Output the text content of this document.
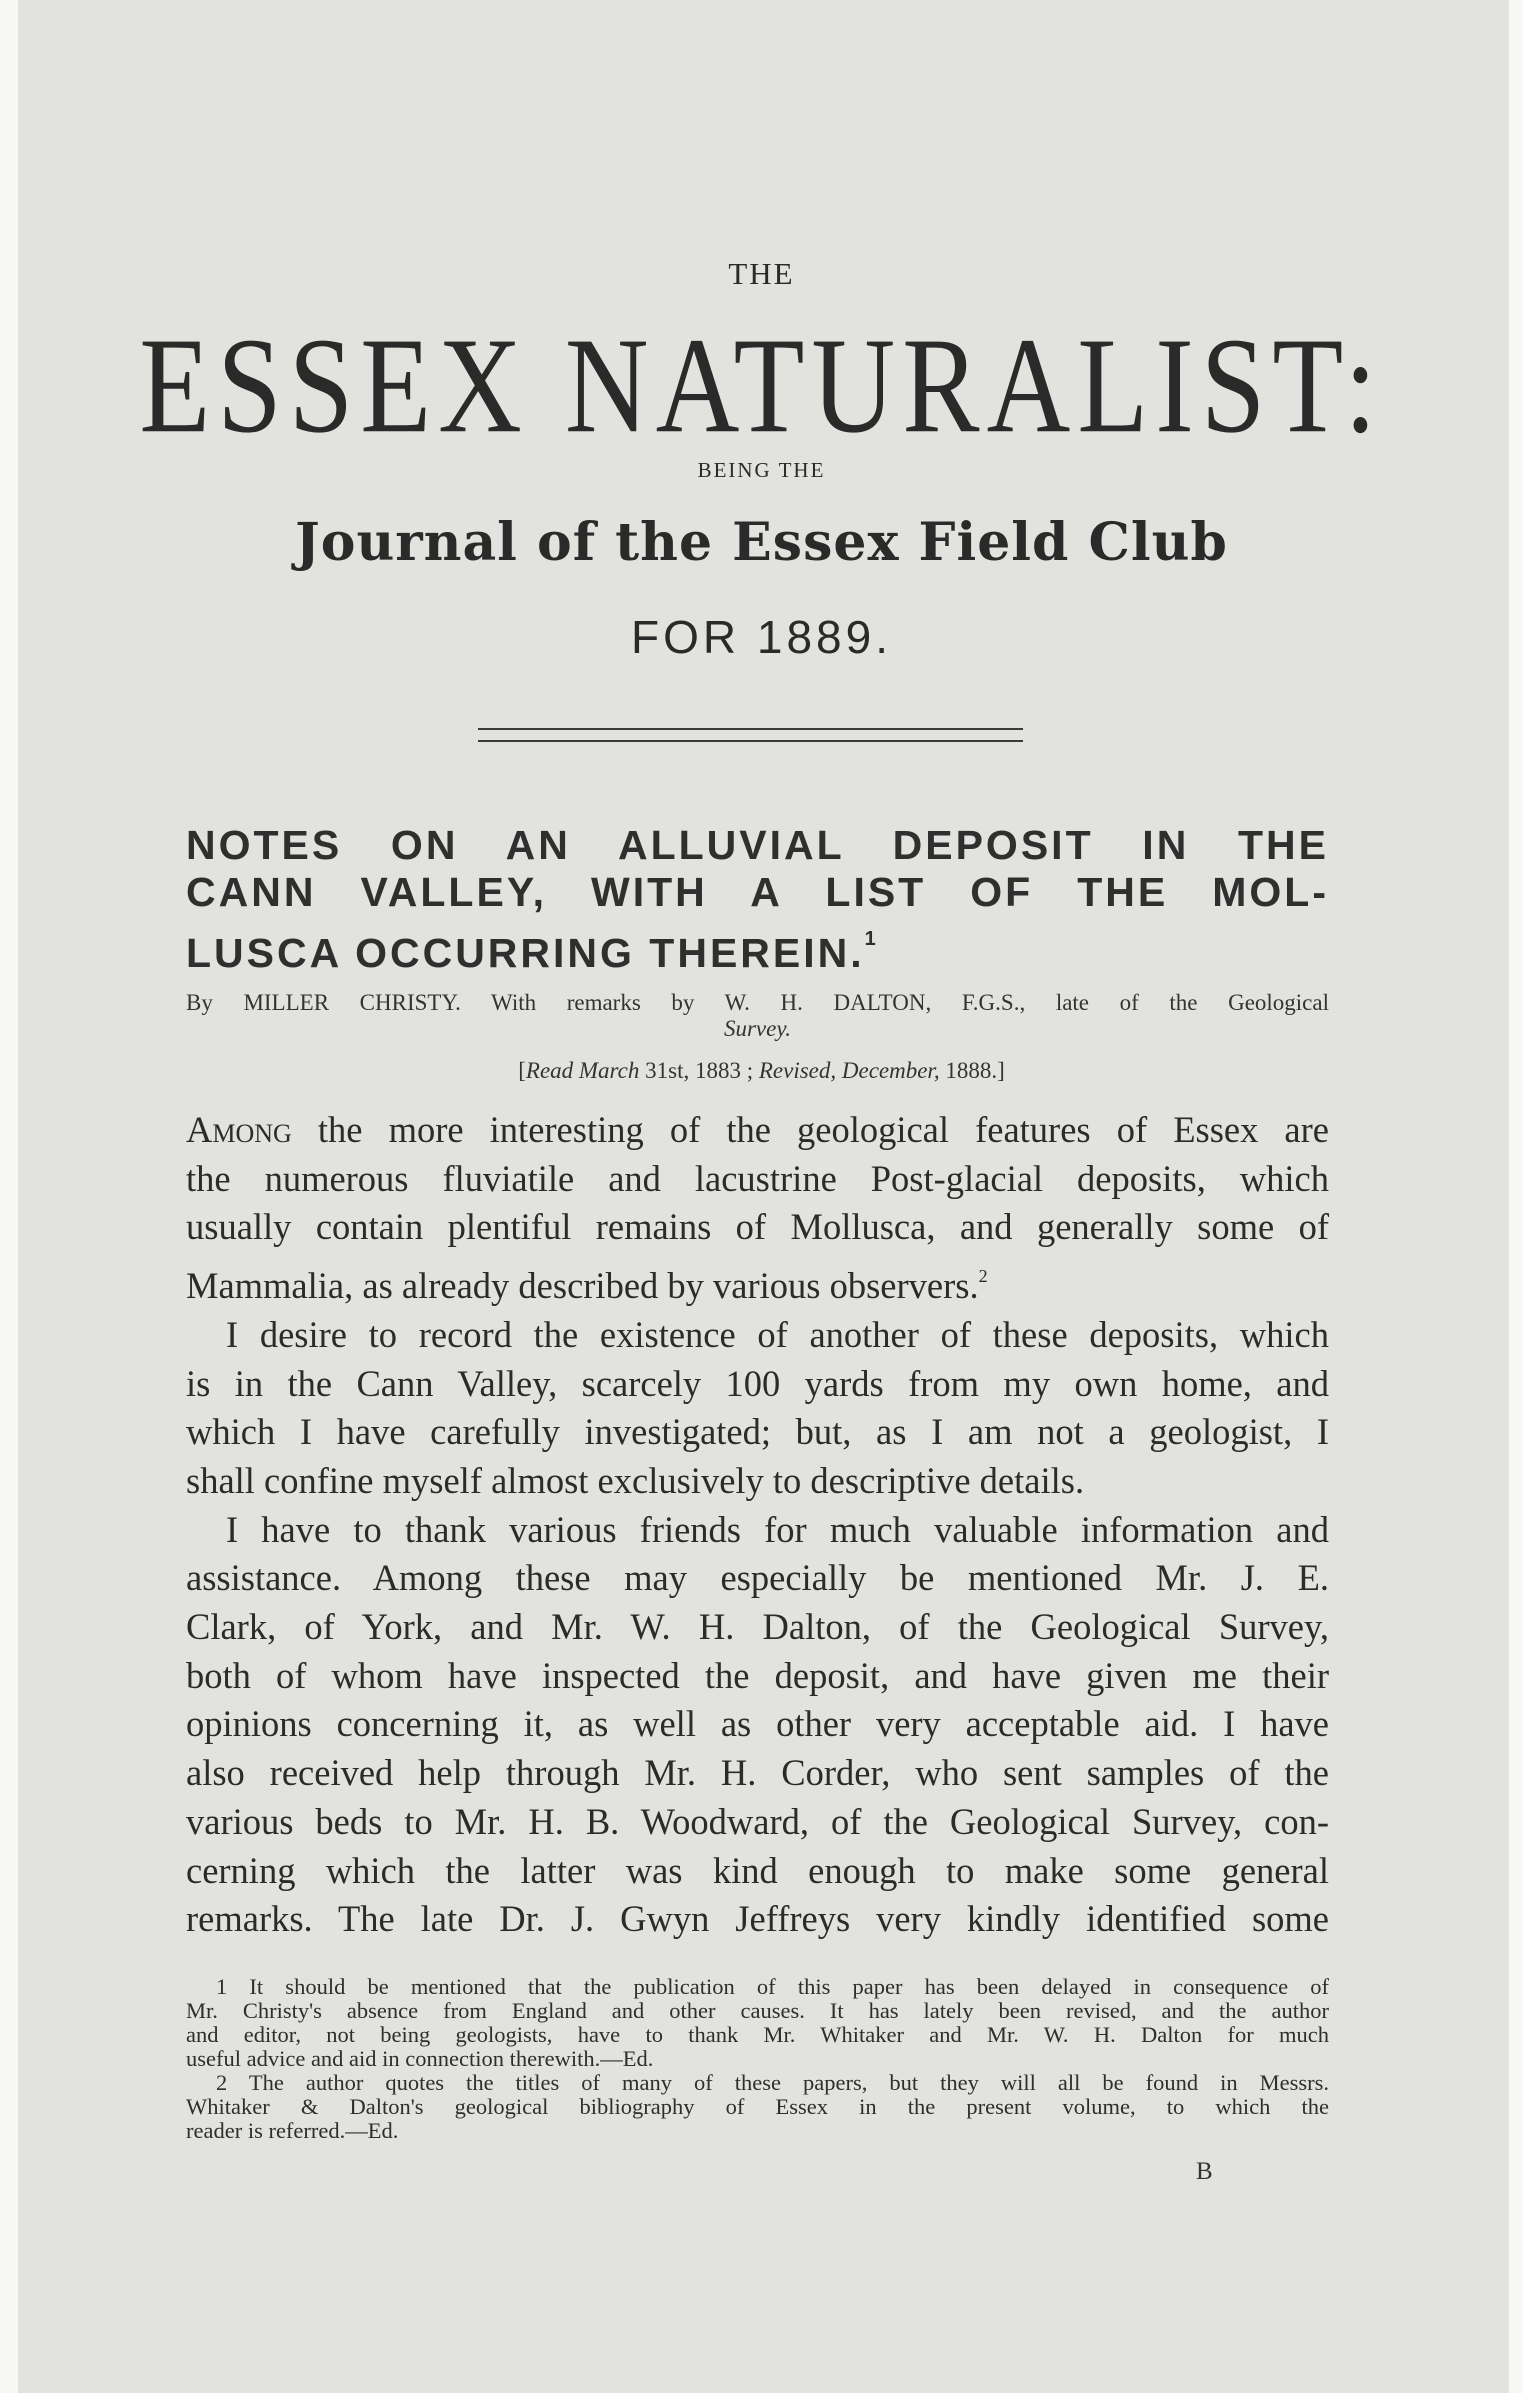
THE
ESSEX NATURALIST:
BEING THE
Journal of the Essex Field Club
FOR 1889.
NOTES ON AN ALLUVIAL DEPOSIT IN THE
CANN VALLEY, WITH A LIST OF THE MOL-
LUSCA OCCURRING THEREIN.$^1$
By MILLER CHRISTY. With remarks by W. H. DALTON, F.G.S., late of the Geological
Survey.
[Read March 31st, 1883 ; Revised, December, 1888.]

Among the more interesting of the geological features of Essex are
the numerous fluviatile and lacustrine Post-glacial deposits, which
usually contain plentiful remains of Mollusca, and generally some of
Mammalia, as already described by various observers.$^2$

I desire to record the existence of another of these deposits, which
is in the Cann Valley, scarcely 100 yards from my own home, and
which I have carefully investigated; but, as I am not a geologist, I
shall confine myself almost exclusively to descriptive details.

I have to thank various friends for much valuable information and
assistance. Among these may especially be mentioned Mr. J. E.
Clark, of York, and Mr. W. H. Dalton, of the Geological Survey,
both of whom have inspected the deposit, and have given me their
opinions concerning it, as well as other very acceptable aid. I have
also received help through Mr. H. Corder, who sent samples of the
various beds to Mr. H. B. Woodward, of the Geological Survey, con-
cerning which the latter was kind enough to make some general
remarks. The late Dr. J. Gwyn Jeffreys very kindly identified some

1 It should be mentioned that the publication of this paper has been delayed in consequence of
Mr. Christy's absence from England and other causes. It has lately been revised, and the author
and editor, not being geologists, have to thank Mr. Whitaker and Mr. W. H. Dalton for much
useful advice and aid in connection therewith.—Ed.
2 The author quotes the titles of many of these papers, but they will all be found in Messrs.
Whitaker & Dalton's geological bibliography of Essex in the present volume, to which the
reader is referred.—Ed.
B
